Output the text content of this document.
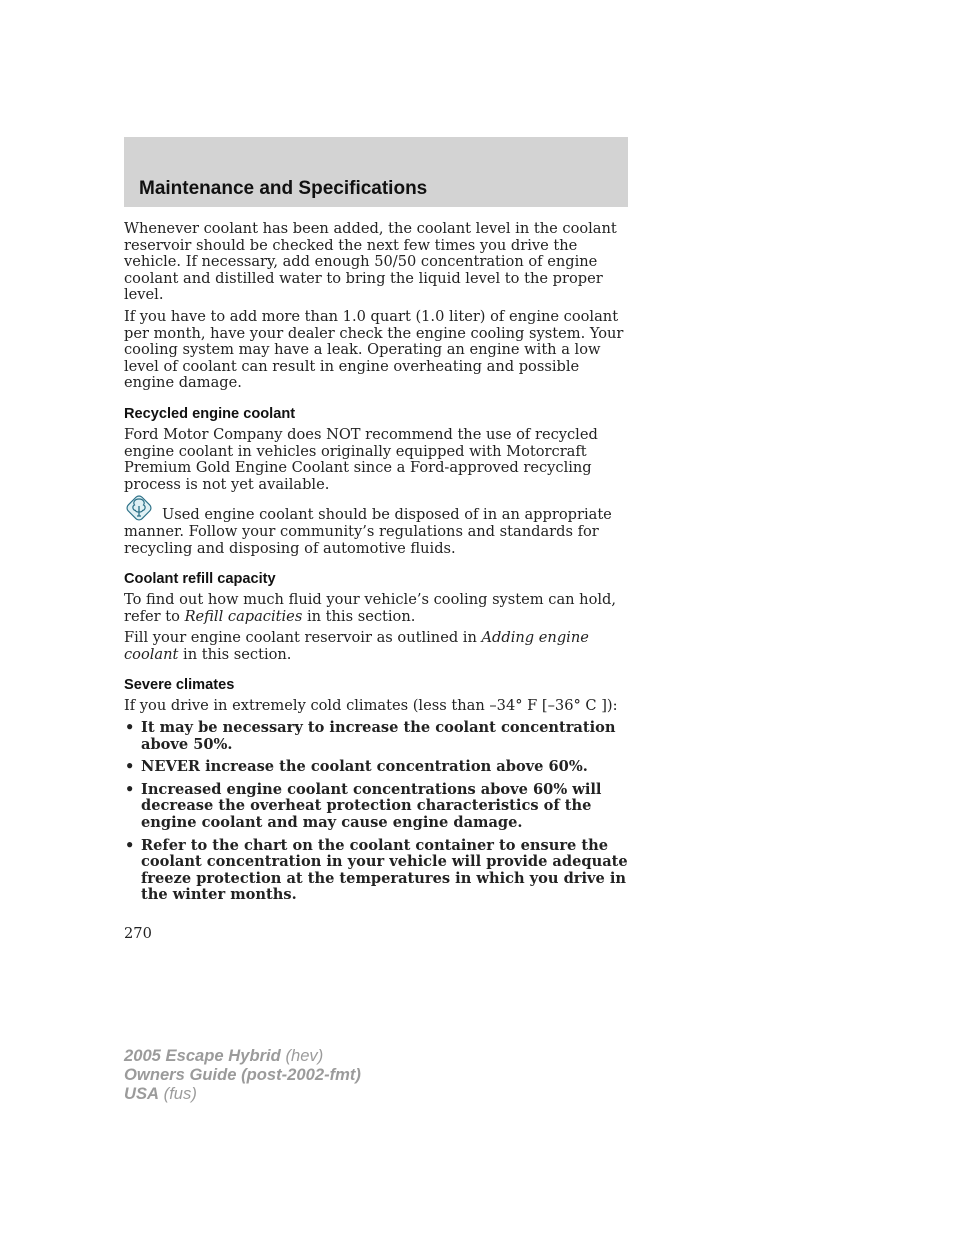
Maintenance and Specifications

Whenever coolant has been added, the coolant level in the coolant reservoir should be checked the next few times you drive the vehicle. If necessary, add enough 50/50 concentration of engine coolant and distilled water to bring the liquid level to the proper level.

If you have to add more than 1.0 quart (1.0 liter) of engine coolant per month, have your dealer check the engine cooling system. Your cooling system may have a leak. Operating an engine with a low level of coolant can result in engine overheating and possible engine damage.

Recycled engine coolant

Ford Motor Company does NOT recommend the use of recycled engine coolant in vehicles originally equipped with Motorcraft Premium Gold Engine Coolant since a Ford-approved recycling process is not yet available.

Used engine coolant should be disposed of in an appropriate manner. Follow your community’s regulations and standards for recycling and disposing of automotive fluids.

Coolant refill capacity

To find out how much fluid your vehicle’s cooling system can hold, refer to Refill capacities in this section.

Fill your engine coolant reservoir as outlined in Adding engine coolant in this section.

Severe climates

If you drive in extremely cold climates (less than –34° F [–36° C ]):

• It may be necessary to increase the coolant concentration above 50%.
• NEVER increase the coolant concentration above 60%.
• Increased engine coolant concentrations above 60% will decrease the overheat protection characteristics of the engine coolant and may cause engine damage.
• Refer to the chart on the coolant container to ensure the coolant concentration in your vehicle will provide adequate freeze protection at the temperatures in which you drive in the winter months.
270
2005 Escape Hybrid (hev)
Owners Guide (post-2002-fmt)
USA (fus)
